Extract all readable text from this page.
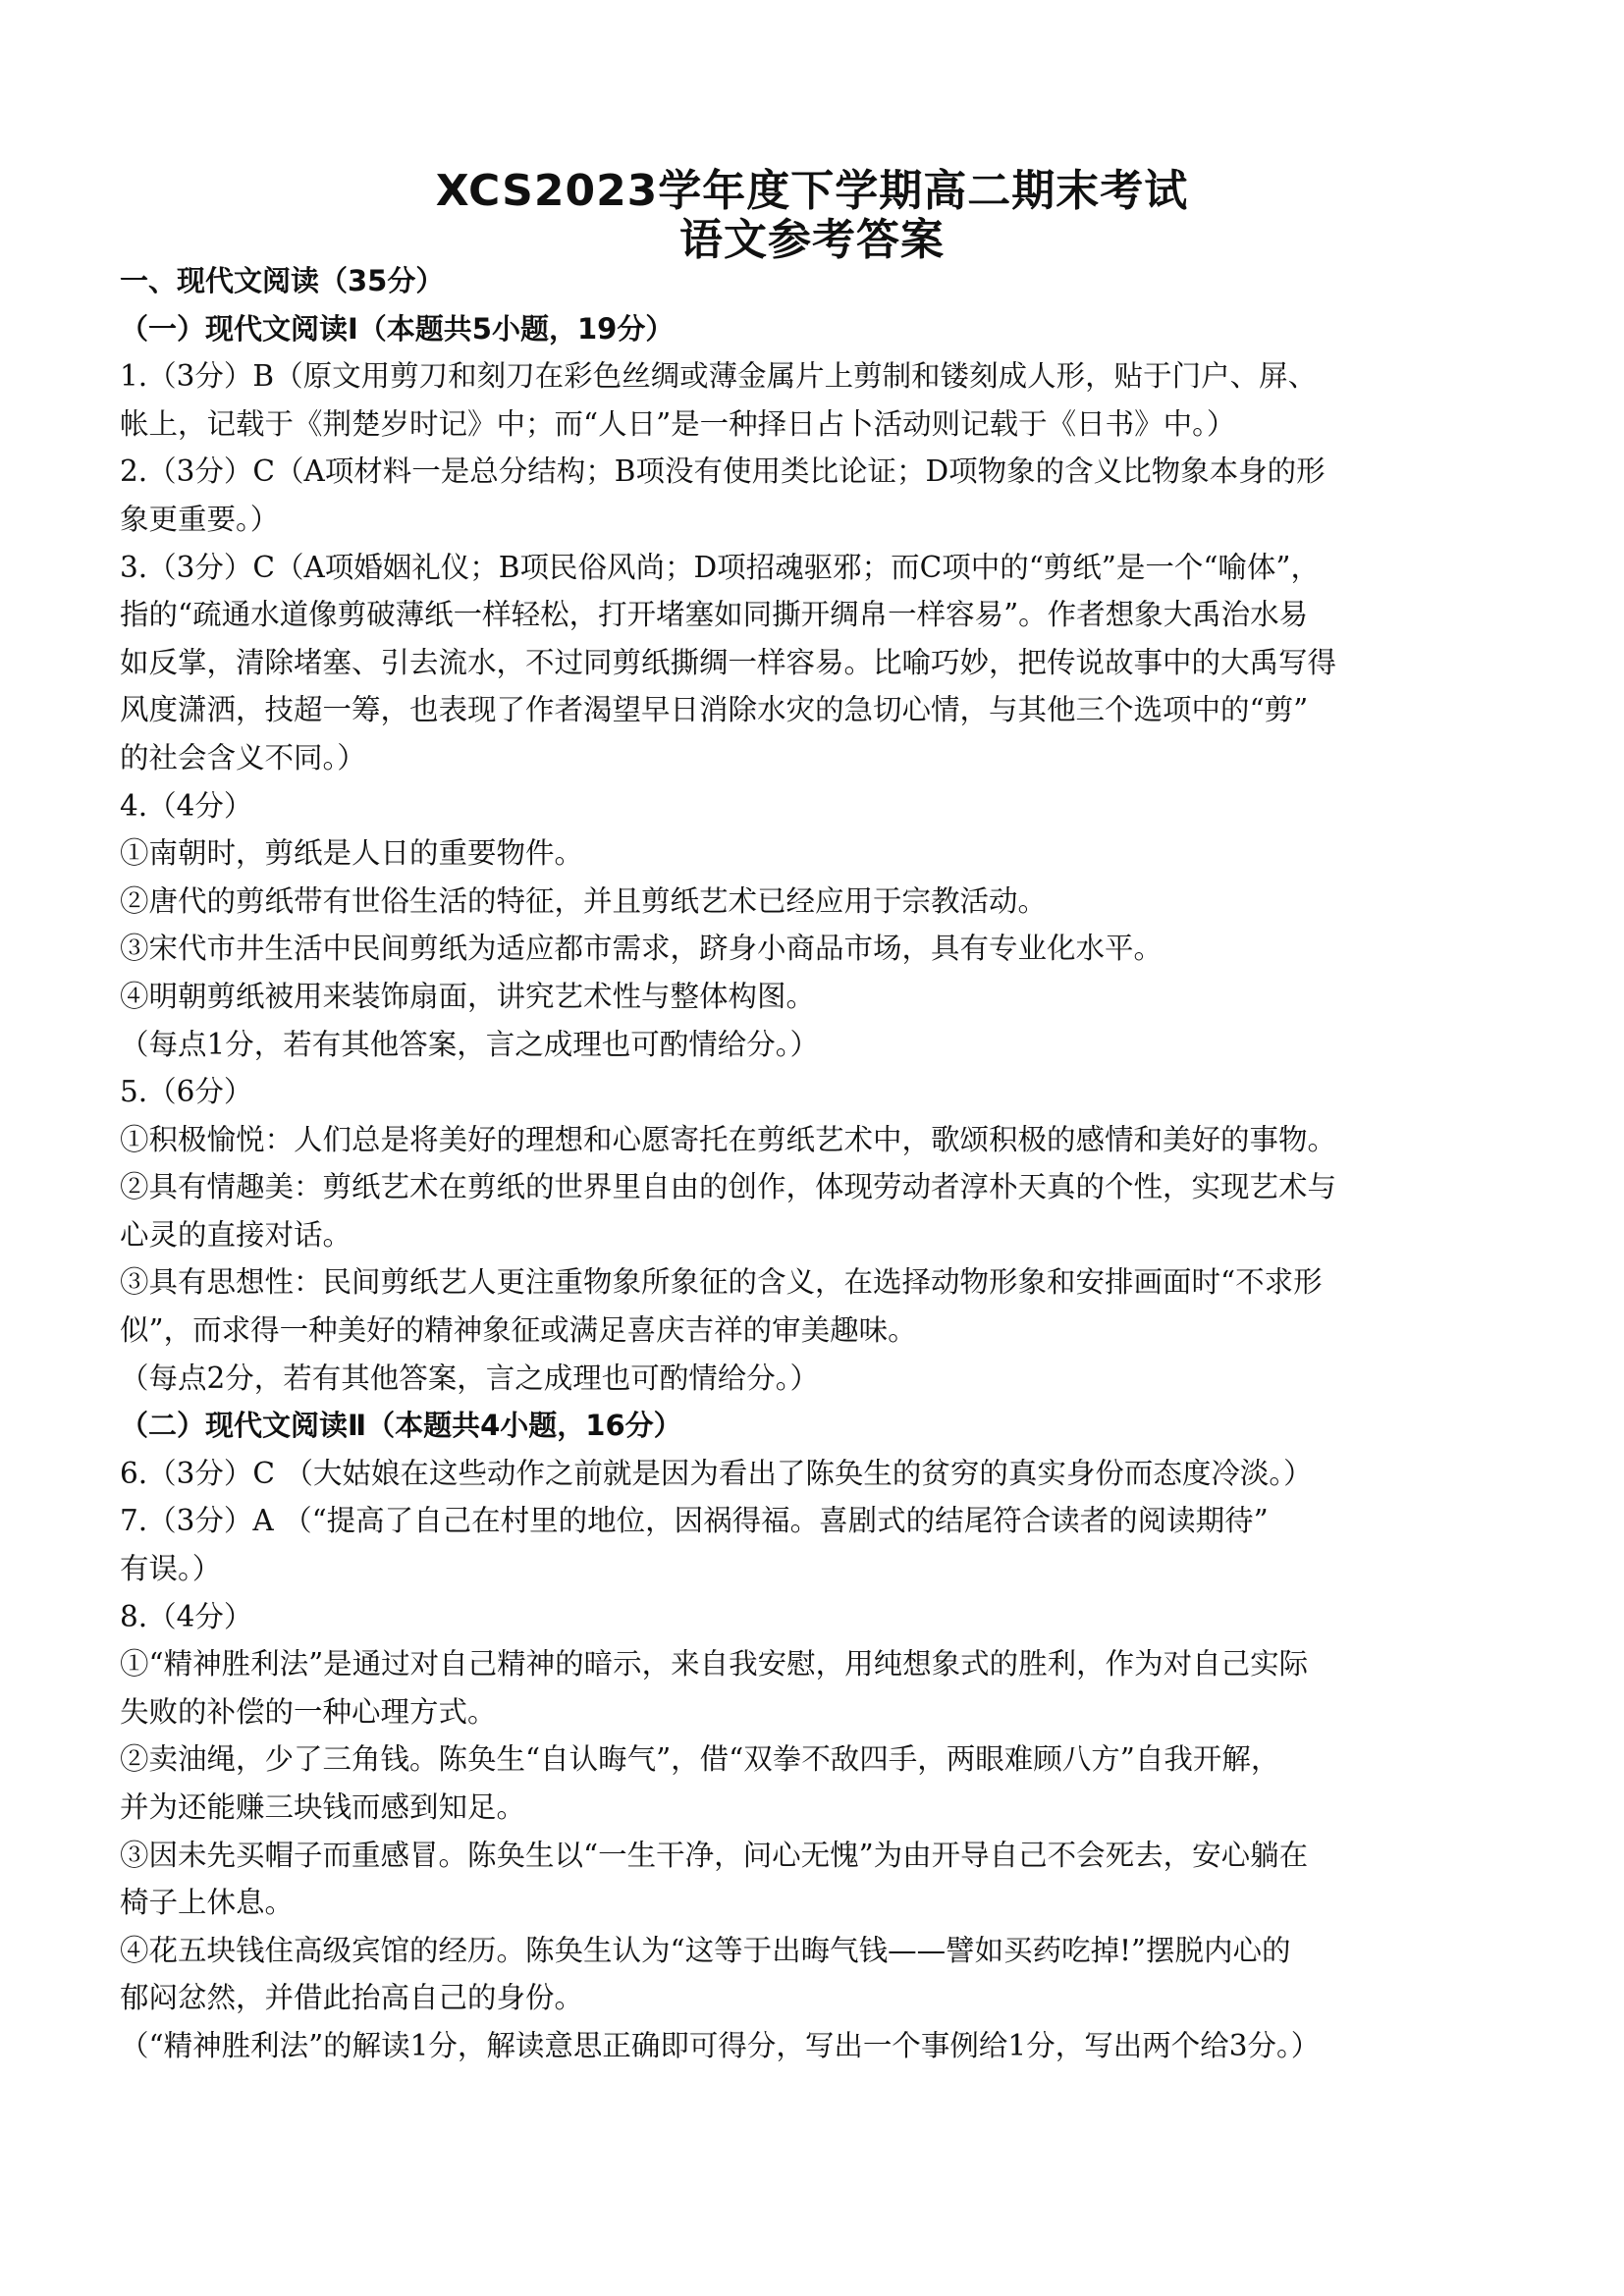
XCS2023学年度下学期高二期末考试
语文参考答案
一、现代文阅读（35分）
（一）现代文阅读Ⅰ（本题共5小题，19分）
1.（3分）B（原文用剪刀和刻刀在彩色丝绸或薄金属片上剪制和镂刻成人形，贴于门户、屏、
帐上，记载于《荆楚岁时记》中；而“人日”是一种择日占卜活动则记载于《日书》中。）
2.（3分）C（A项材料一是总分结构；B项没有使用类比论证；D项物象的含义比物象本身的形
象更重要。）
3.（3分）C（A项婚姻礼仪；B项民俗风尚；D项招魂驱邪；而C项中的“剪纸”是一个“喻体”，
指的“疏通水道像剪破薄纸一样轻松，打开堵塞如同撕开绸帛一样容易”。作者想象大禹治水易
如反掌，清除堵塞、引去流水，不过同剪纸撕绸一样容易。比喻巧妙，把传说故事中的大禹写得
风度潇洒，技超一筹，也表现了作者渴望早日消除水灾的急切心情，与其他三个选项中的“剪”
的社会含义不同。）
4.（4分）
①南朝时，剪纸是人日的重要物件。
②唐代的剪纸带有世俗生活的特征，并且剪纸艺术已经应用于宗教活动。
③宋代市井生活中民间剪纸为适应都市需求，跻身小商品市场，具有专业化水平。
④明朝剪纸被用来装饰扇面，讲究艺术性与整体构图。
（每点1分，若有其他答案，言之成理也可酌情给分。）
5.（6分）
①积极愉悦：人们总是将美好的理想和心愿寄托在剪纸艺术中，歌颂积极的感情和美好的事物。
②具有情趣美：剪纸艺术在剪纸的世界里自由的创作，体现劳动者淳朴天真的个性，实现艺术与
心灵的直接对话。
③具有思想性：民间剪纸艺人更注重物象所象征的含义，在选择动物形象和安排画面时“不求形
似”，而求得一种美好的精神象征或满足喜庆吉祥的审美趣味。
（每点2分，若有其他答案，言之成理也可酌情给分。）
（二）现代文阅读Ⅱ（本题共4小题，16分）
6.（3分）C （大姑娘在这些动作之前就是因为看出了陈奂生的贫穷的真实身份而态度冷淡。）
7.（3分）A （“提高了自己在村里的地位，因祸得福。喜剧式的结尾符合读者的阅读期待”
有误。）
8.（4分）
①“精神胜利法”是通过对自己精神的暗示，来自我安慰，用纯想象式的胜利，作为对自己实际
失败的补偿的一种心理方式。
②卖油绳，少了三角钱。陈奂生“自认晦气”，借“双拳不敌四手，两眼难顾八方”自我开解，
并为还能赚三块钱而感到知足。
③因未先买帽子而重感冒。陈奂生以“一生干净，问心无愧”为由开导自己不会死去，安心躺在
椅子上休息。
④花五块钱住高级宾馆的经历。陈奂生认为“这等于出晦气钱——譬如买药吃掉!”摆脱内心的
郁闷忿然，并借此抬高自己的身份。
（“精神胜利法”的解读1分，解读意思正确即可得分，写出一个事例给1分，写出两个给3分。）
